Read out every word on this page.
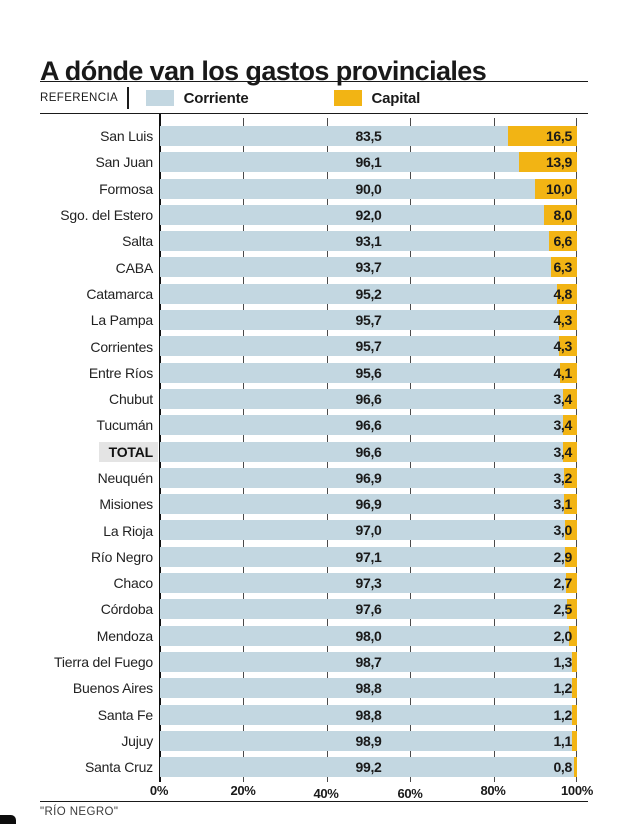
A dónde van los gastos provinciales
REFERENCIA	Corriente	Capital
San Luis	83,5	16,5
San Juan	96,1	13,9
Formosa	90,0	10,0
Sgo. del Estero	92,0	8,0
Salta	93,1	6,6
CABA	93,7	6,3
Catamarca	95,2	4,8
La Pampa	95,7	4,3
Corrientes	95,7	4,3
Entre Ríos	95,6	4,1
Chubut	96,6	3,4
Tucumán	96,6	3,4
TOTAL	96,6	3,4
Neuquén	96,9	3,2
Misiones	96,9	3,1
La Rioja	97,0	3,0
Río Negro	97,1	2,9
Chaco	97,3	2,7
Córdoba	97,6	2,5
Mendoza	98,0	2,0
Tierra del Fuego	98,7	1,3
Buenos Aires	98,8	1,2
Santa Fe	98,8	1,2
Jujuy	98,9	1,1
Santa Cruz	99,2	0,8
0%	20%	40%	60%	80%	100%
"RÍO NEGRO"
